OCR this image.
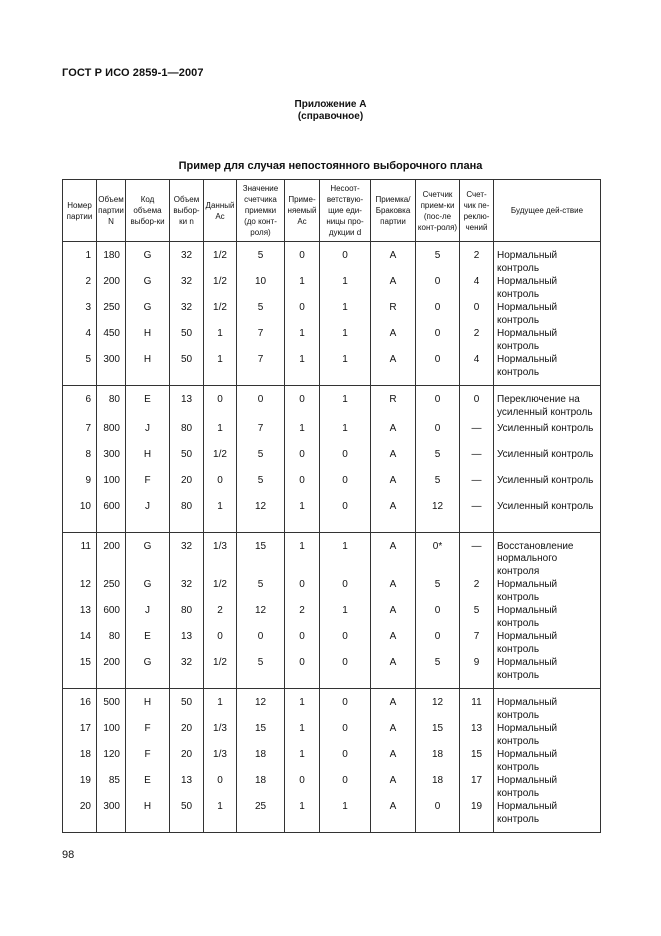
ГОСТ Р ИСО 2859-1—2007
Приложение А
(справочное)
Пример для случая непостоянного выборочного плана
Номер партии	Объем партии N	Код объема выбор-ки	Объем выбор-ки n	Данный Ac	Значение счетчика приемки (до конт-роля)	Приме-няемый Ac	Несоот-ветствую-щие еди-ницы про-дукции d	Приемка/ Браковка партии	Счетчик прием-ки (пос-ле конт-роля)	Счет-чик пе-реклю-чений	Будущее дей-ствие
1	180	G	32	1/2	5	0	0	A	5	2	Нормальный контроль
2	200	G	32	1/2	10	1	1	A	0	4	Нормальный контроль
3	250	G	32	1/2	5	0	1	R	0	0	Нормальный контроль
4	450	H	50	1	7	1	1	A	0	2	Нормальный контроль
5	300	H	50	1	7	1	1	A	0	4	Нормальный контроль
6	80	E	13	0	0	0	1	R	0	0	Переключение на усиленный контроль
7	800	J	80	1	7	1	1	A	0	—	Усиленный контроль
8	300	H	50	1/2	5	0	0	A	5	—	Усиленный контроль
9	100	F	20	0	5	0	0	A	5	—	Усиленный контроль
10	600	J	80	1	12	1	0	A	12	—	Усиленный контроль
11	200	G	32	1/3	15	1	1	A	0*	—	Восстановление нормального контроля
12	250	G	32	1/2	5	0	0	A	5	2	Нормальный контроль
13	600	J	80	2	12	2	1	A	0	5	Нормальный контроль
14	80	E	13	0	0	0	0	A	0	7	Нормальный контроль
15	200	G	32	1/2	5	0	0	A	5	9	Нормальный контроль
16	500	H	50	1	12	1	0	A	12	11	Нормальный контроль
17	100	F	20	1/3	15	1	0	A	15	13	Нормальный контроль
18	120	F	20	1/3	18	1	0	A	18	15	Нормальный контроль
19	85	E	13	0	18	0	0	A	18	17	Нормальный контроль
20	300	H	50	1	25	1	1	A	0	19	Нормальный контроль
98
